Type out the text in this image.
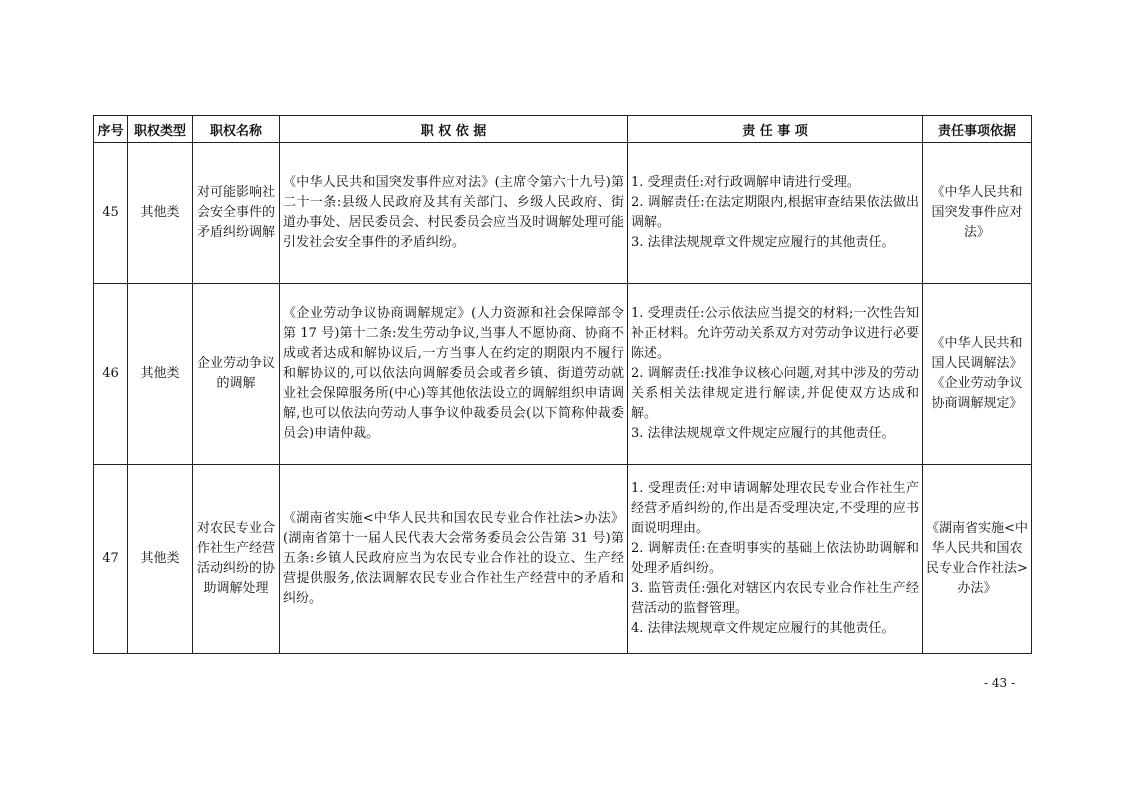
序号	职权类型	职权名称	职 权 依 据	责 任 事 项	责任事项依据
45	其他类	对可能影响社会安全事件的矛盾纠纷调解	《中华人民共和国突发事件应对法》(主席令第六十九号)第二十一条:县级人民政府及其有关部门、乡级人民政府、街道办事处、居民委员会、村民委员会应当及时调解处理可能引发社会安全事件的矛盾纠纷。	1. 受理责任:对行政调解申请进行受理。
2. 调解责任:在法定期限内,根据审查结果依法做出调解。
3. 法律法规规章文件规定应履行的其他责任。	《中华人民共和国突发事件应对法》
46	其他类	企业劳动争议的调解	《企业劳动争议协商调解规定》(人力资源和社会保障部令第 17 号)第十二条:发生劳动争议,当事人不愿协商、协商不成或者达成和解协议后,一方当事人在约定的期限内不履行和解协议的,可以依法向调解委员会或者乡镇、街道劳动就业社会保障服务所(中心)等其他依法设立的调解组织申请调解,也可以依法向劳动人事争议仲裁委员会(以下简称仲裁委员会)申请仲裁。	1. 受理责任:公示依法应当提交的材料;一次性告知补正材料。允许劳动关系双方对劳动争议进行必要陈述。
2. 调解责任:找准争议核心问题,对其中涉及的劳动关系相关法律规定进行解读,并促使双方达成和解。
3. 法律法规规章文件规定应履行的其他责任。	《中华人民共和国人民调解法》《企业劳动争议协商调解规定》
47	其他类	对农民专业合作社生产经营活动纠纷的协助调解处理	《湖南省实施<中华人民共和国农民专业合作社法>办法》(湖南省第十一届人民代表大会常务委员会公告第 31 号)第五条:乡镇人民政府应当为农民专业合作社的设立、生产经营提供服务,依法调解农民专业合作社生产经营中的矛盾和纠纷。	1. 受理责任:对申请调解处理农民专业合作社生产经营矛盾纠纷的,作出是否受理决定,不受理的应书面说明理由。
2. 调解责任:在查明事实的基础上依法协助调解和处理矛盾纠纷。
3. 监管责任:强化对辖区内农民专业合作社生产经营活动的监督管理。
4. 法律法规规章文件规定应履行的其他责任。	《湖南省实施<中华人民共和国农民专业合作社法>办法》
- 43 -
